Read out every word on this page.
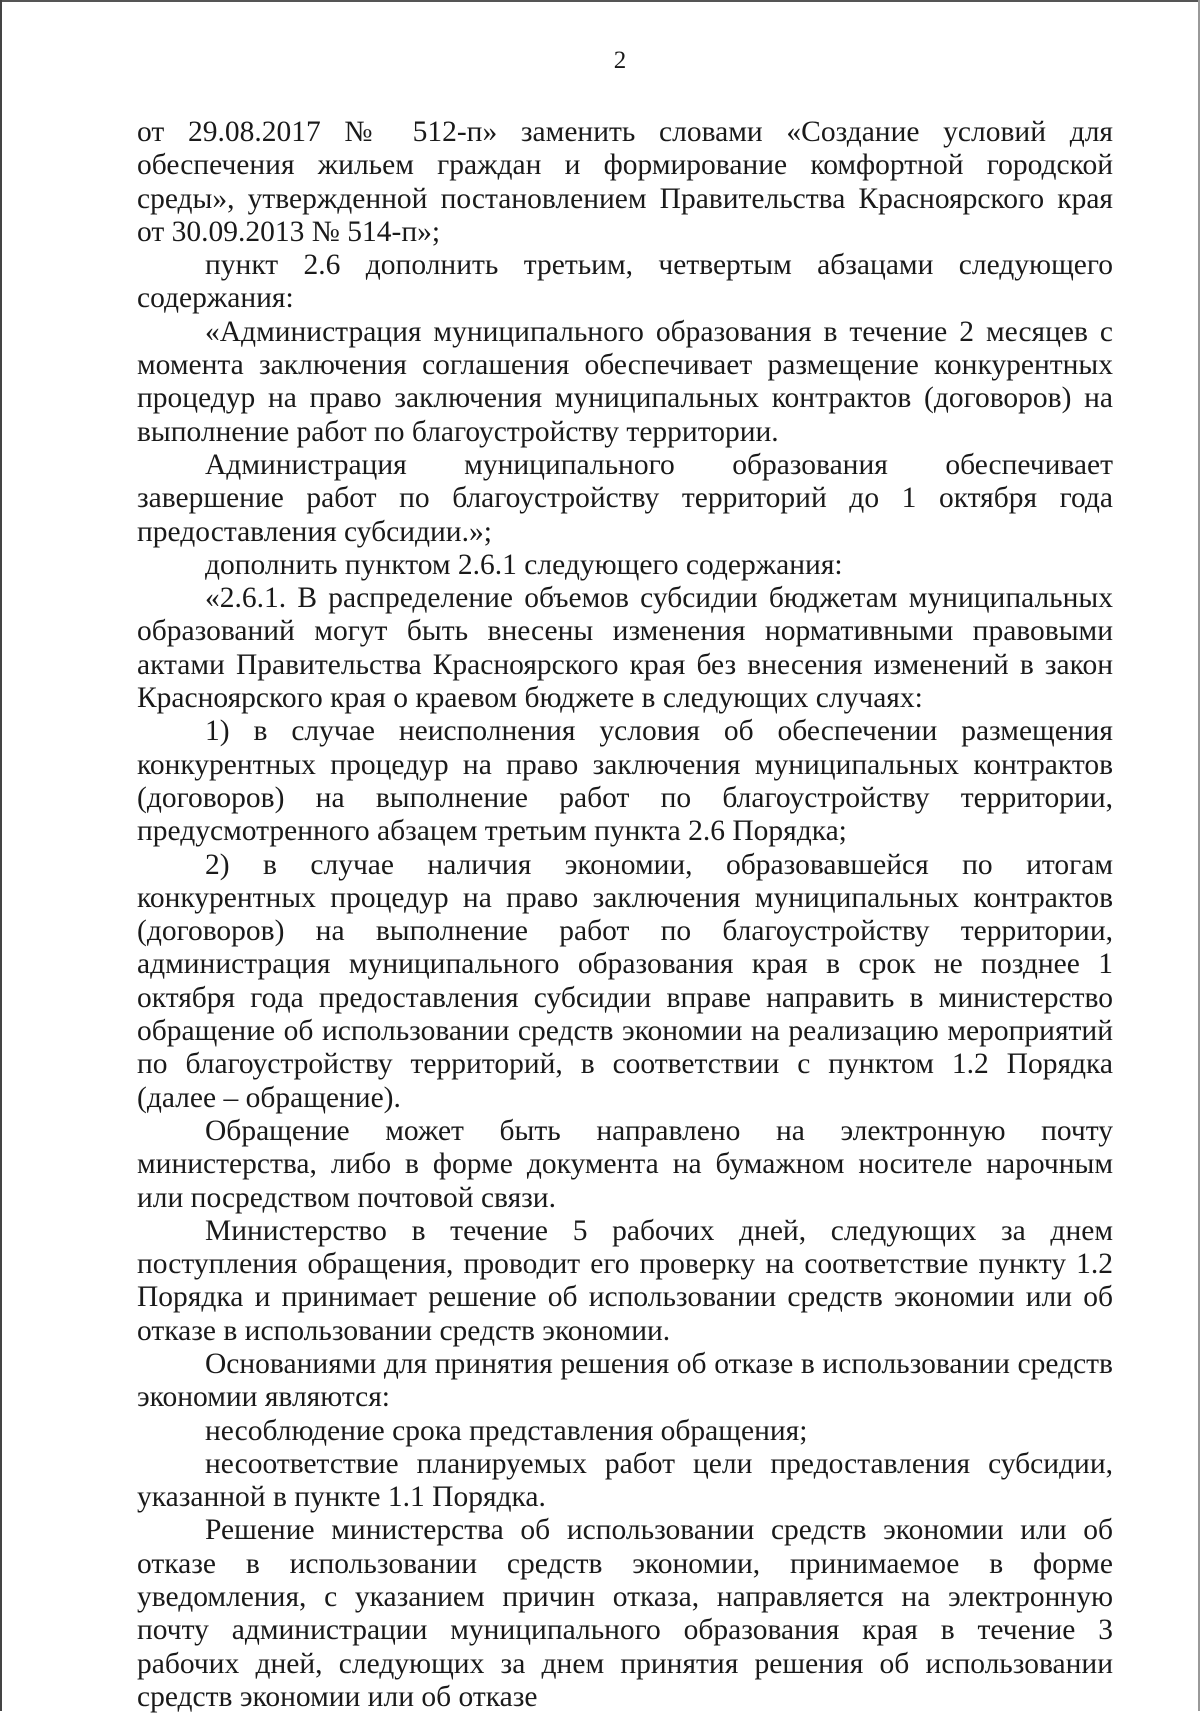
2

от 29.08.2017 № 512-п» заменить словами «Создание условий для обеспечения жильем граждан и формирование комфортной городской среды», утвержденной постановлением Правительства Красноярского края от 30.09.2013 № 514-п»;

пункт 2.6 дополнить третьим, четвертым абзацами следующего содержания:

«Администрация муниципального образования в течение 2 месяцев с момента заключения соглашения обеспечивает размещение конкурентных процедур на право заключения муниципальных контрактов (договоров) на выполнение работ по благоустройству территории.

Администрация муниципального образования обеспечивает завершение работ по благоустройству территорий до 1 октября года предоставления субсидии.»;

дополнить пунктом 2.6.1 следующего содержания:

«2.6.1. В распределение объемов субсидии бюджетам муниципальных образований могут быть внесены изменения нормативными правовыми актами Правительства Красноярского края без внесения изменений в закон Красноярского края о краевом бюджете в следующих случаях:

1) в случае неисполнения условия об обеспечении размещения конкурентных процедур на право заключения муниципальных контрактов (договоров) на выполнение работ по благоустройству территории, предусмотренного абзацем третьим пункта 2.6 Порядка;

2) в случае наличия экономии, образовавшейся по итогам конкурентных процедур на право заключения муниципальных контрактов (договоров) на выполнение работ по благоустройству территории, администрация муниципального образования края в срок не позднее 1 октября года предоставления субсидии вправе направить в министерство обращение об использовании средств экономии на реализацию мероприятий по благоустройству территорий, в соответствии с пунктом 1.2 Порядка (далее – обращение).

Обращение может быть направлено на электронную почту министерства, либо в форме документа на бумажном носителе нарочным или посредством почтовой связи.

Министерство в течение 5 рабочих дней, следующих за днем поступления обращения, проводит его проверку на соответствие пункту 1.2 Порядка и принимает решение об использовании средств экономии или об отказе в использовании средств экономии.

Основаниями для принятия решения об отказе в использовании средств экономии являются:

несоблюдение срока представления обращения;

несоответствие планируемых работ цели предоставления субсидии, указанной в пункте 1.1 Порядка.

Решение министерства об использовании средств экономии или об отказе в использовании средств экономии, принимаемое в форме уведомления, с указанием причин отказа, направляется на электронную почту администрации муниципального образования края в течение 3 рабочих дней, следующих за днем принятия решения об использовании средств экономии или об отказе
